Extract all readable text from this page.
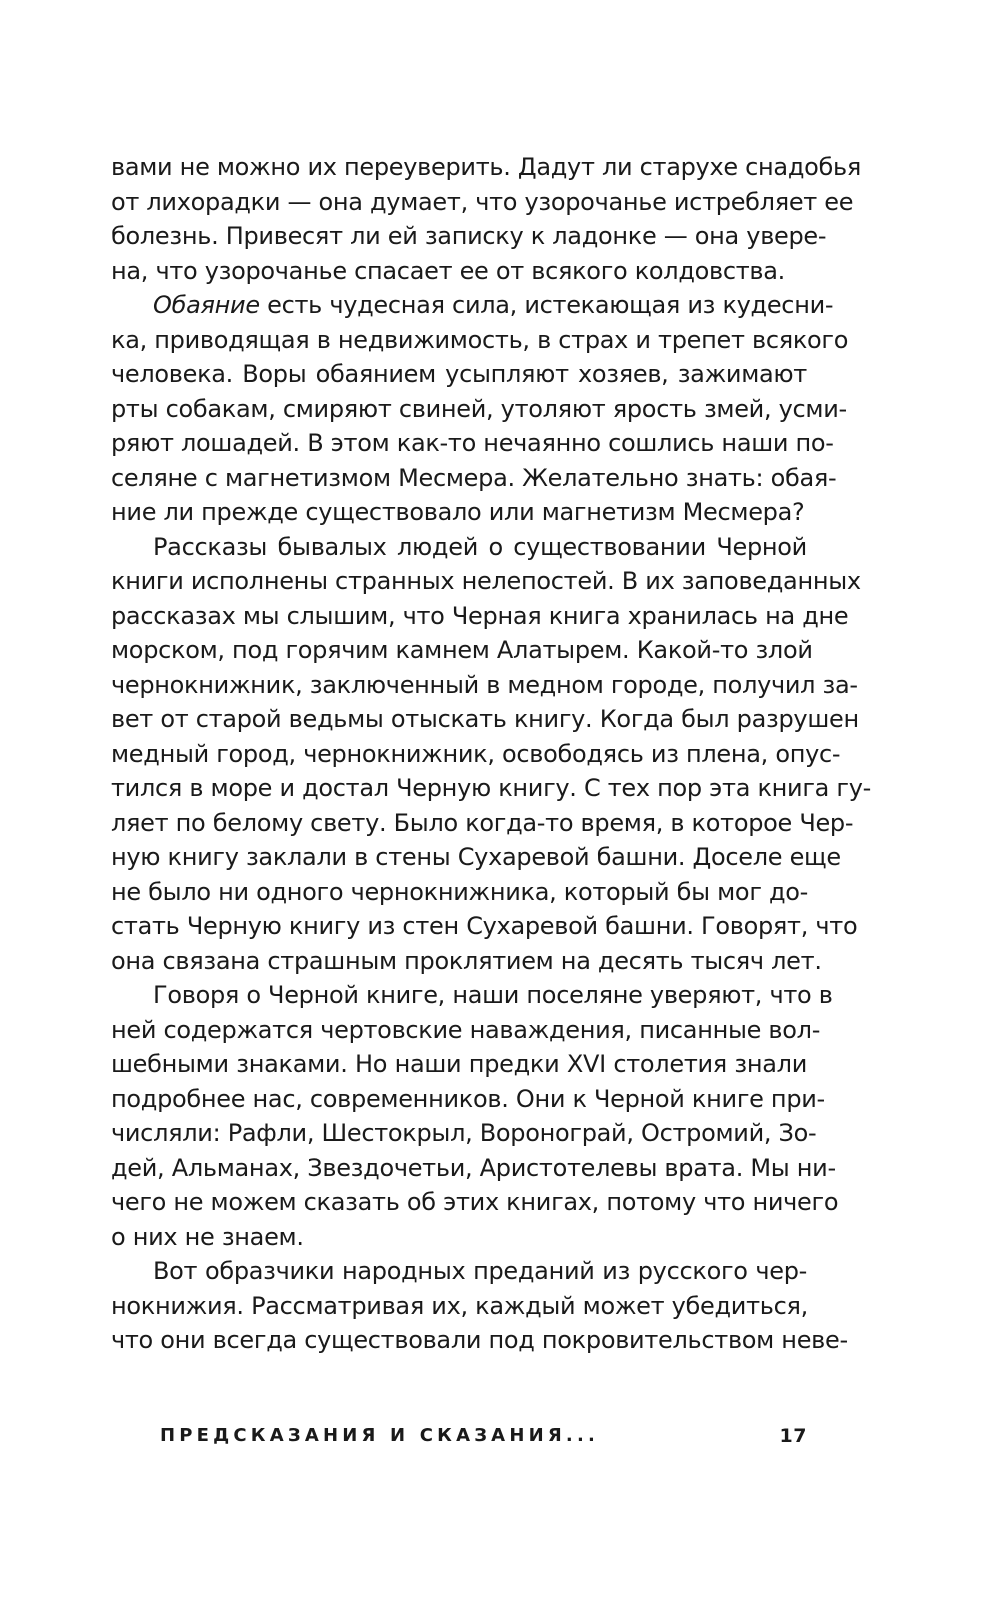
вами не можно их переуверить. Дадут ли старухе снадобья
от лихорадки — она думает, что узорочанье истребляет ее
болезнь. Привесят ли ей записку к ладонке — она увере-
на, что узорочанье спасает ее от всякого колдовства.
Обаяние есть чудесная сила, истекающая из кудесни-
ка, приводящая в недвижимость, в страх и трепет всякого
человека. Воры обаянием усыпляют хозяев, зажимают
рты собакам, смиряют свиней, утоляют ярость змей, усми-
ряют лошадей. В этом как-то нечаянно сошлись наши по-
селяне с магнетизмом Месмера. Желательно знать: обая-
ние ли прежде существовало или магнетизм Месмера?
Рассказы бывалых людей о существовании Черной
книги исполнены странных нелепостей. В их заповеданных
рассказах мы слышим, что Черная книга хранилась на дне
морском, под горячим камнем Алатырем. Какой-то злой
чернокнижник, заключенный в медном городе, получил за-
вет от старой ведьмы отыскать книгу. Когда был разрушен
медный город, чернокнижник, освободясь из плена, опус-
тился в море и достал Черную книгу. С тех пор эта книга гу-
ляет по белому свету. Было когда-то время, в которое Чер-
ную книгу заклали в стены Сухаревой башни. Доселе еще
не было ни одного чернокнижника, который бы мог до-
стать Черную книгу из стен Сухаревой башни. Говорят, что
она связана страшным проклятием на десять тысяч лет.
Говоря о Черной книге, наши поселяне уверяют, что в
ней содержатся чертовские наваждения, писанные вол-
шебными знаками. Но наши предки XVI столетия знали
подробнее нас, современников. Они к Черной книге при-
числяли: Рафли, Шестокрыл, Воронограй, Остромий, Зо-
дей, Альманах, Звездочетьи, Аристотелевы врата. Мы ни-
чего не можем сказать об этих книгах, потому что ничего
о них не знаем.
Вот образчики народных преданий из русского чер-
нокнижия. Рассматривая их, каждый может убедиться,
что они всегда существовали под покровительством неве-
ПРЕДСКАЗАНИЯ И СКАЗАНИЯ...	17
